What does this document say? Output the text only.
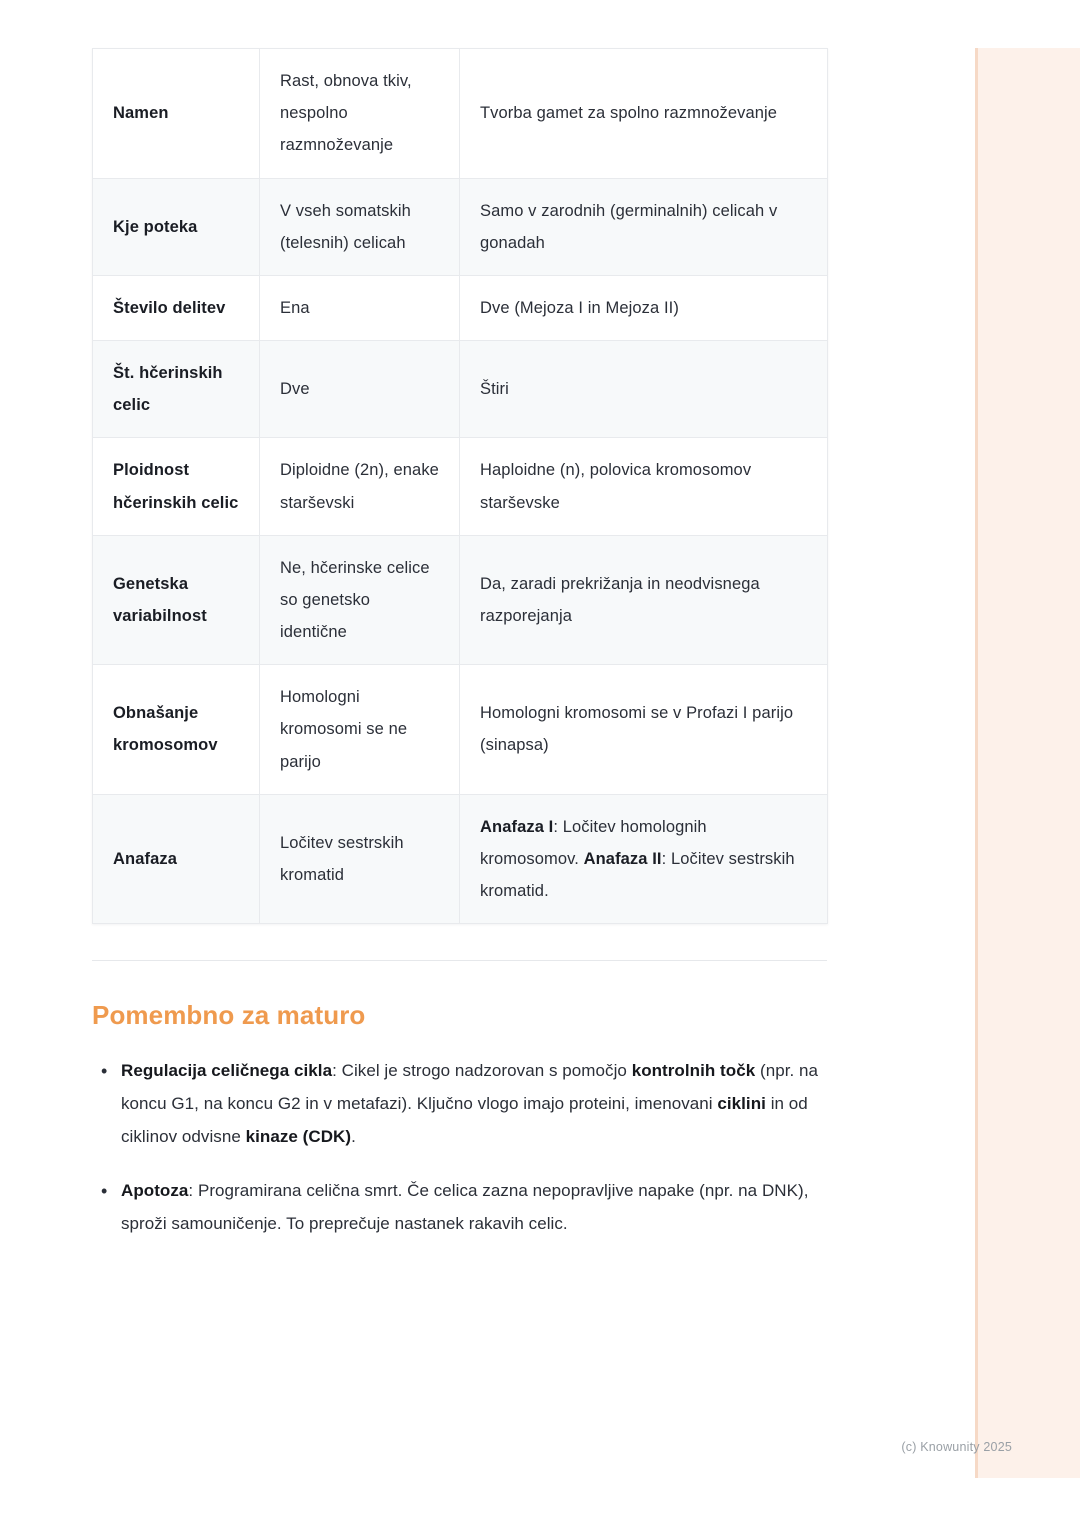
Namen	Rast, obnova tkiv, nespolno razmnoževanje	Tvorba gamet za spolno razmnoževanje
Kje poteka	V vseh somatskih (telesnih) celicah	Samo v zarodnih (germinalnih) celicah v gonadah
Število delitev	Ena	Dve (Mejoza I in Mejoza II)
Št. hčerinskih celic	Dve	Štiri
Ploidnost hčerinskih celic	Diploidne (2n), enake starševski	Haploidne (n), polovica kromosomov starševske
Genetska variabilnost	Ne, hčerinske celice so genetsko identične	Da, zaradi prekrižanja in neodvisnega razporejanja
Obnašanje kromosomov	Homologni kromosomi se ne parijo	Homologni kromosomi se v Profazi I parijo (sinapsa)
Anafaza	Ločitev sestrskih kromatid	Anafaza I: Ločitev homolognih kromosomov. Anafaza II: Ločitev sestrskih kromatid.
Pomembno za maturo
• Regulacija celičnega cikla: Cikel je strogo nadzorovan s pomočjo kontrolnih točk (npr. na koncu G1, na koncu G2 in v metafazi). Ključno vlogo imajo proteini, imenovani ciklini in od ciklinov odvisne kinaze (CDK).
• Apotoza: Programirana celična smrt. Če celica zazna nepopravljive napake (npr. na DNK), sproži samouničenje. To preprečuje nastanek rakavih celic.
(c) Knowunity 2025
